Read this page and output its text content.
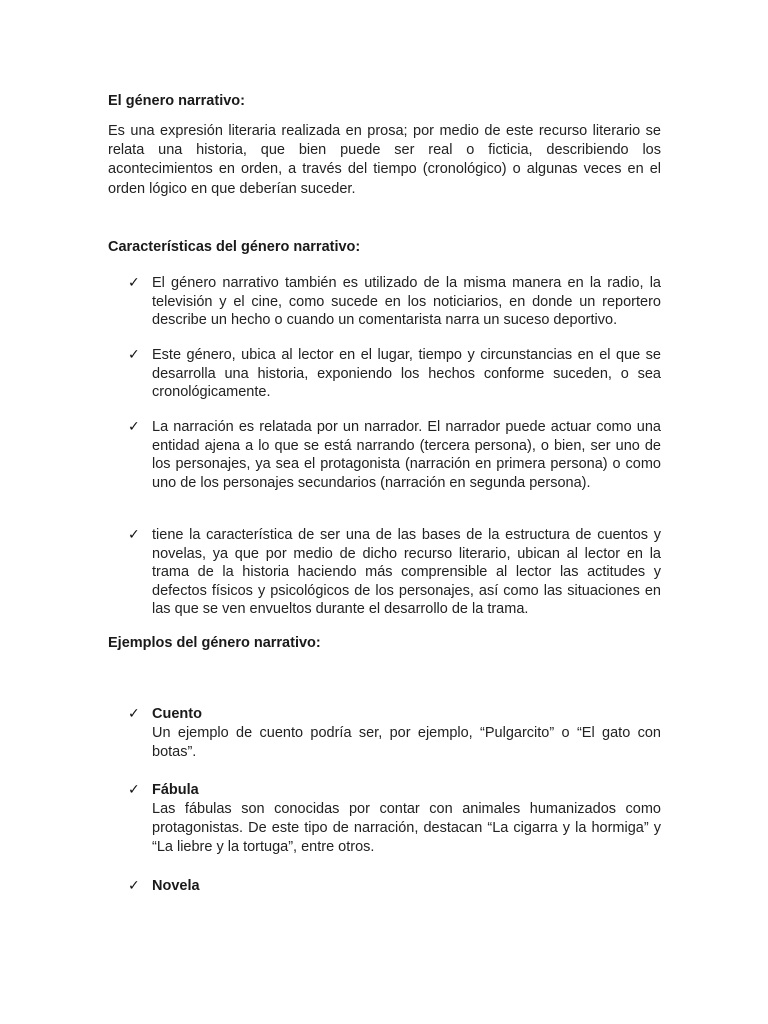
El género narrativo:

Es una expresión literaria realizada en prosa; por medio de este recurso literario se relata una historia, que bien puede ser real o ficticia, describiendo los acontecimientos en orden, a través del tiempo (cronológico) o algunas veces en el orden lógico en que deberían suceder.

Características del género narrativo:
✓ El género narrativo también es utilizado de la misma manera en la radio, la televisión y el cine, como sucede en los noticiarios, en donde un reportero describe un hecho o cuando un comentarista narra un suceso deportivo.

✓ Este género, ubica al lector en el lugar, tiempo y circunstancias en el que se desarrolla una historia, exponiendo los hechos conforme suceden, o sea cronológicamente.

✓ La narración es relatada por un narrador. El narrador puede actuar como una entidad ajena a lo que se está narrando (tercera persona), o bien, ser uno de los personajes, ya sea el protagonista (narración en primera persona) o como uno de los personajes secundarios (narración en segunda persona).

✓ tiene la característica de ser una de las bases de la estructura de cuentos y novelas, ya que por medio de dicho recurso literario, ubican al lector en la trama de la historia haciendo más comprensible al lector las actitudes y defectos físicos y psicológicos de los personajes, así como las situaciones en las que se ven envueltos durante el desarrollo de la trama.

Ejemplos del género narrativo:
✓ Cuento

Un ejemplo de cuento podría ser, por ejemplo, “Pulgarcito” o “El gato con botas”.

✓ Fábula

Las fábulas son conocidas por contar con animales humanizados como protagonistas. De este tipo de narración, destacan “La cigarra y la hormiga” y “La liebre y la tortuga”, entre otros.

✓ Novela
